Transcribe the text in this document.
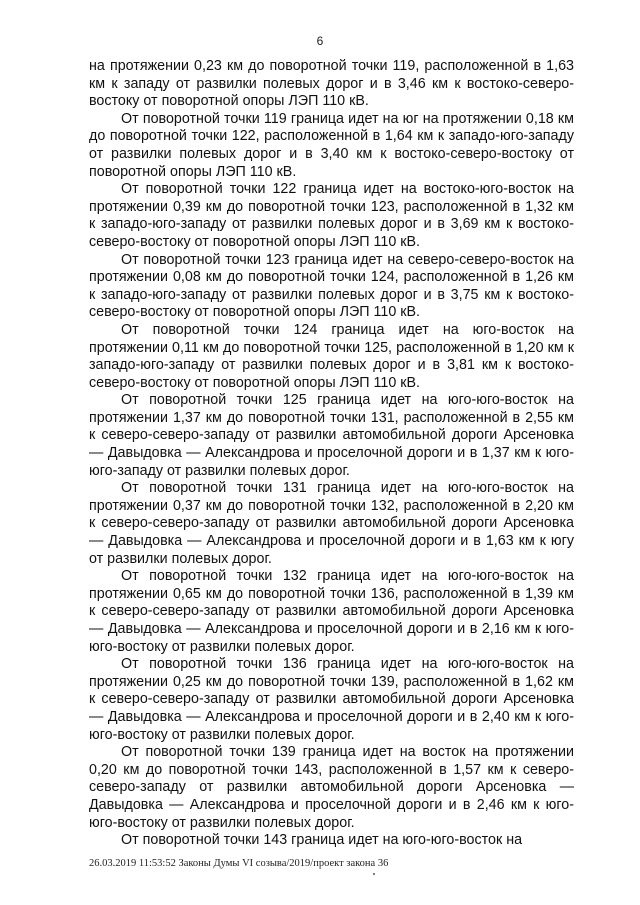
6

на протяжении 0,23 км до поворотной точки 119, расположенной в 1,63 км к западу от развилки полевых дорог и в 3,46 км к востоко-северо-востоку от поворотной опоры ЛЭП 110 кВ.

От поворотной точки 119 граница идет на юг на протяжении 0,18 км до поворотной точки 122, расположенной в 1,64 км к западо-юго-западу от развилки полевых дорог и в 3,40 км к востоко-северо-востоку от поворотной опоры ЛЭП 110 кВ.

От поворотной точки 122 граница идет на востоко-юго-восток на протяжении 0,39 км до поворотной точки 123, расположенной в 1,32 км к западо-юго-западу от развилки полевых дорог и в 3,69 км к востоко-северо-востоку от поворотной опоры ЛЭП 110 кВ.

От поворотной точки 123 граница идет на северо-северо-восток на протяжении 0,08 км до поворотной точки 124, расположенной в 1,26 км к западо-юго-западу от развилки полевых дорог и в 3,75 км к востоко-северо-востоку от поворотной опоры ЛЭП 110 кВ.

От поворотной точки 124 граница идет на юго-восток на протяжении 0,11 км до поворотной точки 125, расположенной в 1,20 км к западо-юго-западу от развилки полевых дорог и в 3,81 км к востоко-северо-востоку от поворотной опоры ЛЭП 110 кВ.

От поворотной точки 125 граница идет на юго-юго-восток на протяжении 1,37 км до поворотной точки 131, расположенной в 2,55 км к северо-северо-западу от развилки автомобильной дороги Арсеновка — Давыдовка — Александрова и проселочной дороги и в 1,37 км к юго-юго-западу от развилки полевых дорог.

От поворотной точки 131 граница идет на юго-юго-восток на протяжении 0,37 км до поворотной точки 132, расположенной в 2,20 км к северо-северо-западу от развилки автомобильной дороги Арсеновка — Давыдовка — Александрова и проселочной дороги и в 1,63 км к югу от развилки полевых дорог.

От поворотной точки 132 граница идет на юго-юго-восток на протяжении 0,65 км до поворотной точки 136, расположенной в 1,39 км к северо-северо-западу от развилки автомобильной дороги Арсеновка — Давыдовка — Александрова и проселочной дороги и в 2,16 км к юго-юго-востоку от развилки полевых дорог.

От поворотной точки 136 граница идет на юго-юго-восток на протяжении 0,25 км до поворотной точки 139, расположенной в 1,62 км к северо-северо-западу от развилки автомобильной дороги Арсеновка — Давыдовка — Александрова и проселочной дороги и в 2,40 км к юго-юго-востоку от развилки полевых дорог.

От поворотной точки 139 граница идет на восток на протяжении 0,20 км до поворотной точки 143, расположенной в 1,57 км к северо-северо-западу от развилки автомобильной дороги Арсеновка — Давыдовка — Александрова и проселочной дороги и в 2,46 км к юго-юго-востоку от развилки полевых дорог.

От поворотной точки 143 граница идет на юго-юго-восток на

26.03.2019 11:53:52 Законы Думы VI созыва/2019/проект закона 36
